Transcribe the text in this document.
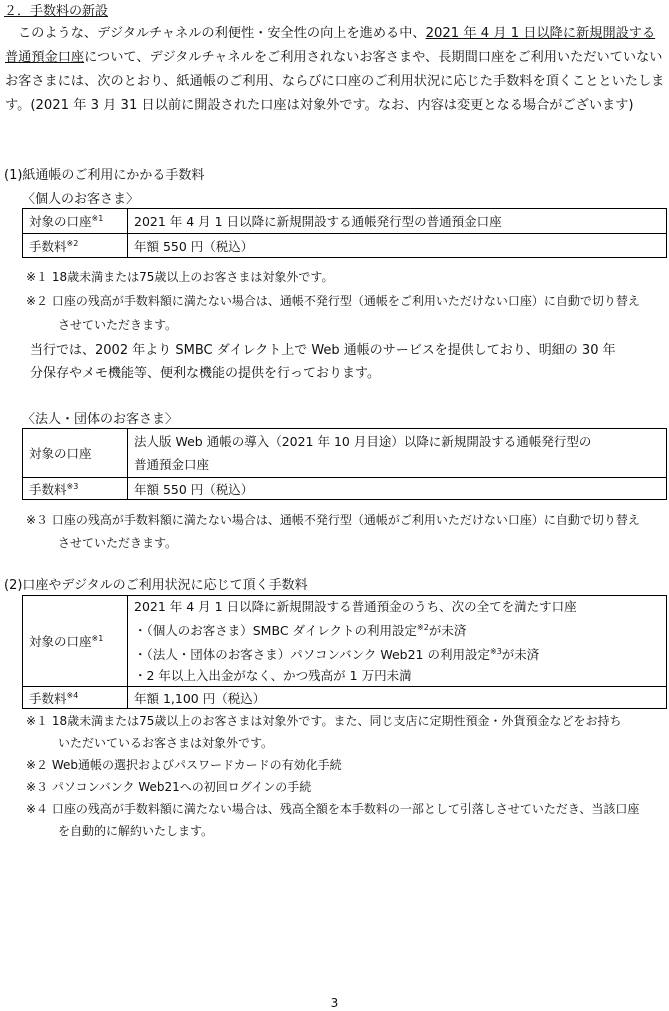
２．手数料の新設
このような、デジタルチャネルの利便性・安全性の向上を進める中、2021 年 4 月 1 日以降に新規開設する普通預金口座について、デジタルチャネルをご利用されないお客さまや、長期間口座をご利用いただいていないお客さまには、次のとおり、紙通帳のご利用、ならびに口座のご利用状況に応じた手数料を頂くことといたします。(2021 年 3 月 31 日以前に開設された口座は対象外です。なお、内容は変更となる場合がございます)
(1)紙通帳のご利用にかかる手数料
〈個人のお客さま〉
対象の口座$^{※1}$	2021 年 4 月 1 日以降に新規開設する通帳発行型の普通預金口座
手数料$^{※2}$	年額 550 円（税込）
※１ 18歳未満または75歳以上のお客さまは対象外です。
※２ 口座の残高が手数料額に満たない場合は、通帳不発行型（通帳をご利用いただけない口座）に自動で切り替え
させていただきます。
当行では、2002 年より SMBC ダイレクト上で Web 通帳のサービスを提供しており、明細の 30 年
分保存やメモ機能等、便利な機能の提供を行っております。
〈法人・団体のお客さま〉
対象の口座	法人版 Web 通帳の導入（2021 年 10 月目途）以降に新規開設する通帳発行型の
普通預金口座

手数料$^{※3}$	年額 550 円（税込）
※３ 口座の残高が手数料額に満たない場合は、通帳不発行型（通帳がご利用いただけない口座）に自動で切り替え
させていただきます。
(2)口座やデジタルのご利用状況に応じて頂く手数料
対象の口座$^{※1}$	2021 年 4 月 1 日以降に新規開設する普通預金のうち、次の全てを満たす口座
・（個人のお客さま）SMBC ダイレクトの利用設定$^{※2}$が未済
・（法人・団体のお客さま）パソコンバンク Web21 の利用設定$^{※3}$が未済
・2 年以上入出金がなく、かつ残高が 1 万円未満

手数料$^{※4}$	年額 1,100 円（税込）
※１ 18歳未満または75歳以上のお客さまは対象外です。また、同じ支店に定期性預金・外貨預金などをお持ち
いただいているお客さまは対象外です。
※２ Web通帳の選択およびパスワードカードの有効化手続
※３ パソコンバンク Web21への初回ログインの手続
※４ 口座の残高が手数料額に満たない場合は、残高全額を本手数料の一部として引落しさせていただき、当該口座
を自動的に解約いたします。
3
